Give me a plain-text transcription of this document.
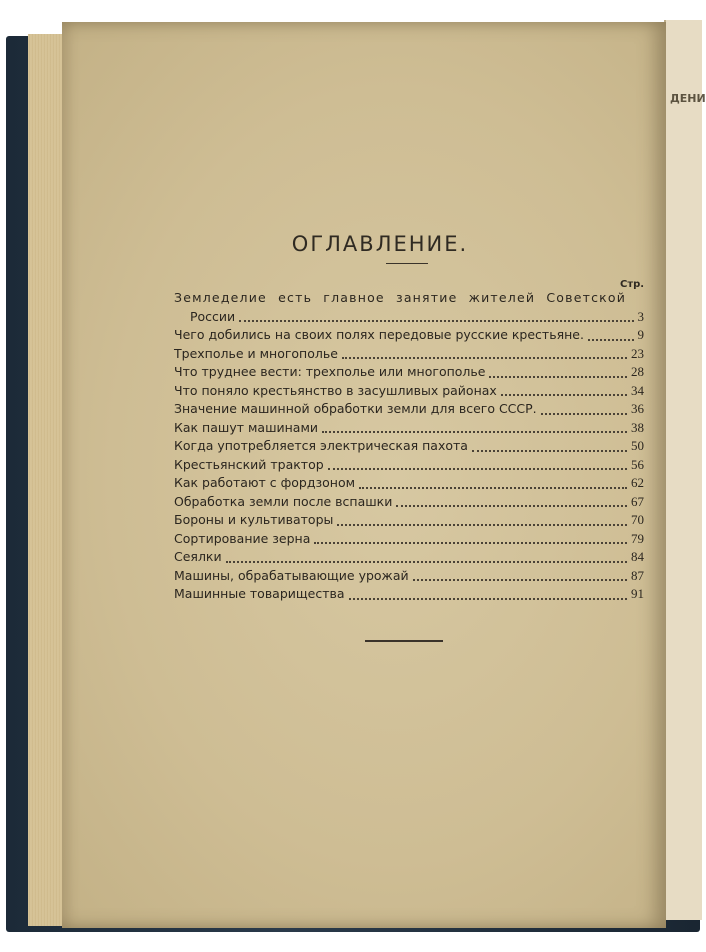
ДЕНИ
ОГЛАВЛЕНИЕ.
Стр.
Земледелие есть главное занятие жителей Советской
России	3
Чего добились на своих полях передовые русские крестьяне.	9
Трехполье и многополье	23
Что труднее вести: трехполье или многополье	28
Что поняло крестьянство в засушливых районах	34
Значение машинной обработки земли для всего СССР.	36
Как пашут машинами	38
Когда употребляется электрическая пахота	50
Крестьянский трактор	56
Как работают с фордзоном	62
Обработка земли после вспашки	67
Бороны и культиваторы	70
Сортирование зерна	79
Сеялки	84
Машины, обрабатывающие урожай	87
Машинные товарищества	91
